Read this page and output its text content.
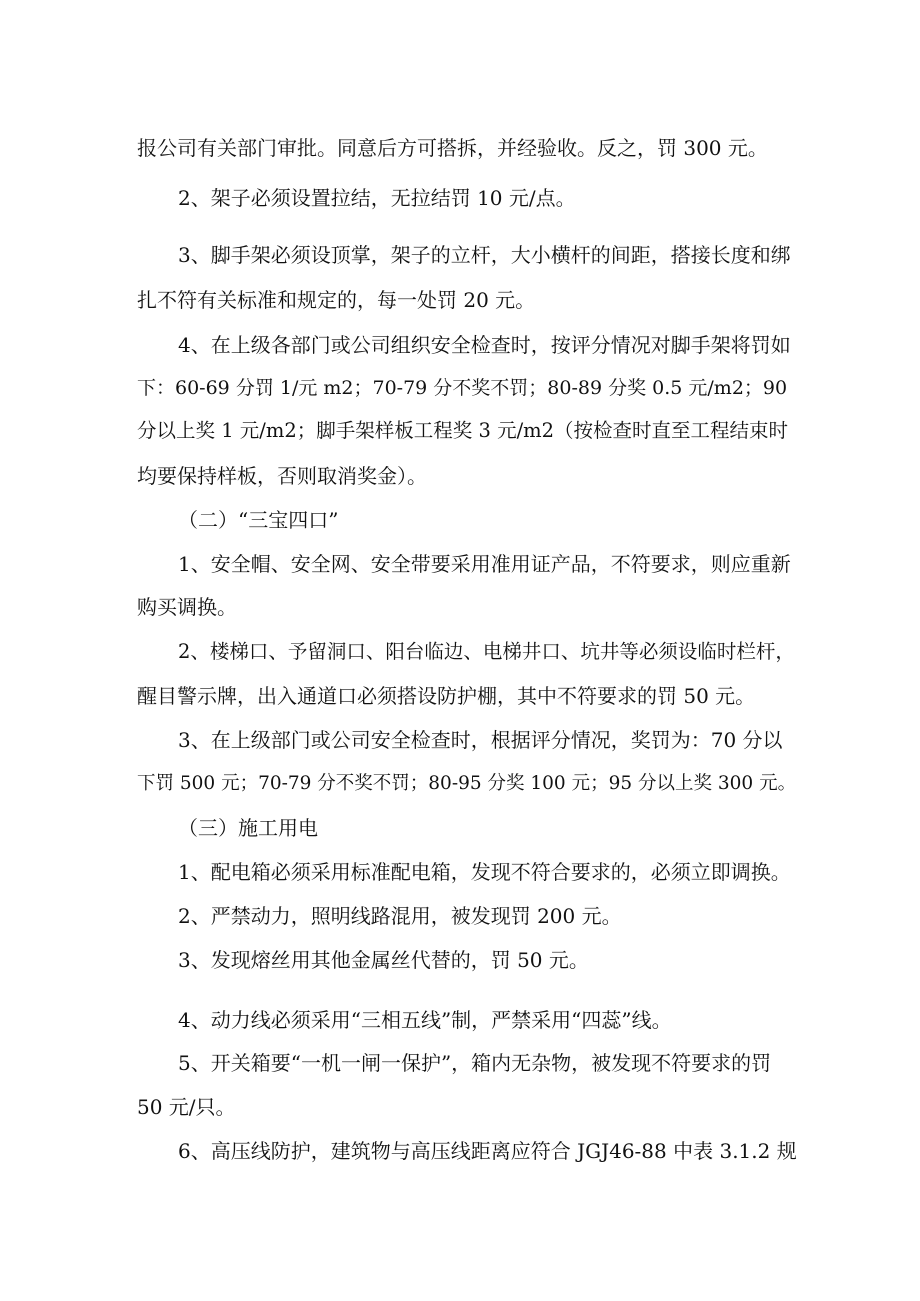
报公司有关部门审批。同意后方可搭拆，并经验收。反之，罚 300 元。
2、架子必须设置拉结，无拉结罚 10 元/点。
3、脚手架必须设顶掌，架子的立杆，大小横杆的间距，搭接长度和绑
扎不符有关标准和规定的，每一处罚 20 元。
4、在上级各部门或公司组织安全检查时，按评分情况对脚手架将罚如
下：60-69 分罚 1/元 m2；70-79 分不奖不罚；80-89 分奖 0.5 元/m2；90
分以上奖 1 元/m2；脚手架样板工程奖 3 元/m2（按检查时直至工程结束时
均要保持样板，否则取消奖金）。
（二）“三宝四口”
1、安全帽、安全网、安全带要采用准用证产品，不符要求，则应重新
购买调换。
2、楼梯口、予留洞口、阳台临边、电梯井口、坑井等必须设临时栏杆，
醒目警示牌，出入通道口必须搭设防护棚，其中不符要求的罚 50 元。
3、在上级部门或公司安全检查时，根据评分情况，奖罚为：70 分以
下罚 500 元；70-79 分不奖不罚；80-95 分奖 100 元；95 分以上奖 300 元。
（三）施工用电
1、配电箱必须采用标准配电箱，发现不符合要求的，必须立即调换。
2、严禁动力，照明线路混用，被发现罚 200 元。
3、发现熔丝用其他金属丝代替的，罚 50 元。
4、动力线必须采用“三相五线”制，严禁采用“四蕊”线。
5、开关箱要“一机一闸一保护”，箱内无杂物，被发现不符要求的罚
50 元/只。
6、高压线防护，建筑物与高压线距离应符合 JGJ46-88 中表 3.1.2 规
